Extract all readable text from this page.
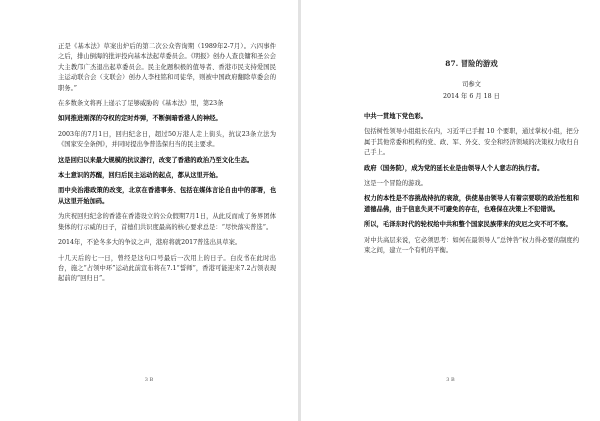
正是《基本法》草案出炉后的第二次公众咨询期（1989年2-7月）。六四事件之后，排山倒海的批评投向基本法起草委员会。《明报》创办人查良镛和圣公会大主教邝广杰退出起草委员会。民主化题积极的值导者、香港市民支持爱国民主运动联合会（支联会）创办人李柱铭和司徒华，则被中国政府翻除草委会的职务。”

在多数条文将再上递示了足够威胁的《基本法》里，第23条

如同推进刚深的夺权的定时炸弹，不断倒暗香港人的神经。

2003年的7月1日，回归纪念日，超过50万港人走上街头，抗议23条立法为《国家安全条例》，并同时提出争普选保归当的民主要求。

这是回归以来最大规模的抗议游行，改变了香港的政治乃至文化生态。

本土意识的苏醒，回归后民主运动的起点，都从这里开始。

而中央治港政策的改变，北京在香港事务、包括在媒体言论自由中的部署，也从这里开始加码。

为庆祝回归纪念的香港在香港设立的公众假期7月1日，从此反而成了务界团体集体的行示威的日子，首德们共识度最高的核心要求总是：“尽快落实普选”。

2014年，不论冬多大的争议之声，港府将就2017普选出具草案。

十几天后的七一日，曾经是这句口号最后一次用上的日子。白皮书在此时出台，施之“占领中环”运动此前宣布将在7.1“誓师”，香港可能迎来7.2占领表现起前的“回归日”。

3 B
87. 冒险的游戏
司参文
2014 年 6 月 18 日

中共一贯地下党色彩。

包括树性领导小组组长在内，习近平已手握 10 个要职，通过掌权小组，把分属于其他常委和机构的党、政、军、外交、安全和经济领域的决策权力收归自己手上。

政府（国务院），成为党的延长业是由领导人个人意志的执行者。

这是一个冒险的游戏。

权力的本性是不容挑战持抗的衰敌，供使易由领导人有着宗要联的政治性租和道德品佛，由于信息失灵不可避免的存在，也难保在决策上不犯错误。

所以，毛泽东时代的轮权给中共和整个国家民族带来的灾厄之灾不可不察。

对中共高层来说，它必须思考：如何在最领导人“总钟咎”权力得必要的制度约束之间，建立一个有机的平衡。

3 B
